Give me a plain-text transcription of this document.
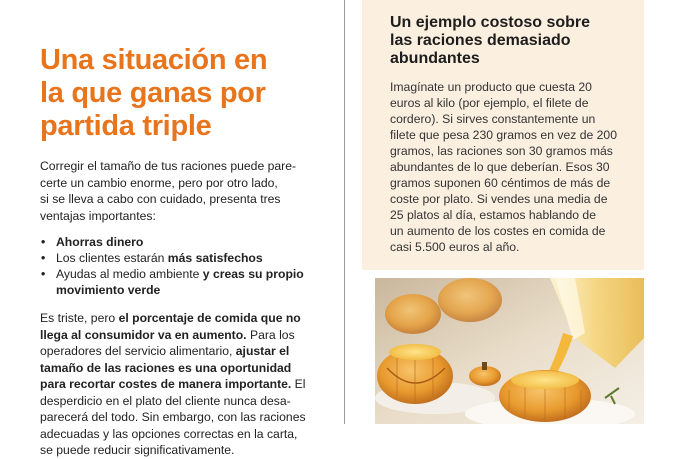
Una situación en
la que ganas por
partida triple

Corregir el tamaño de tus raciones puede pare-
certe un cambio enorme, pero por otro lado,
si se lleva a cabo con cuidado, presenta tres
ventajas importantes:

• Ahorras dinero
• Los clientes estarán más satisfechos
• Ayudas al medio ambiente y creas su propio
movimiento verde

Es triste, pero el porcentaje de comida que no
llega al consumidor va en aumento. Para los
operadores del servicio alimentario, ajustar el
tamaño de las raciones es una oportunidad
para recortar costes de manera importante. El
desperdicio en el plato del cliente nunca desa-
parecerá del todo. Sin embargo, con las raciones
adecuadas y las opciones correctas en la carta,
se puede reducir significativamente.

Un ejemplo costoso sobre
las raciones demasiado
abundantes

Imagínate un producto que cuesta 20
euros al kilo (por ejemplo, el filete de
cordero). Si sirves constantemente un
filete que pesa 230 gramos en vez de 200
gramos, las raciones son 30 gramos más
abundantes de lo que deberían. Esos 30
gramos suponen 60 céntimos de más de
coste por plato. Si vendes una media de
25 platos al día, estamos hablando de
un aumento de los costes en comida de
casi 5.500 euros al año.
